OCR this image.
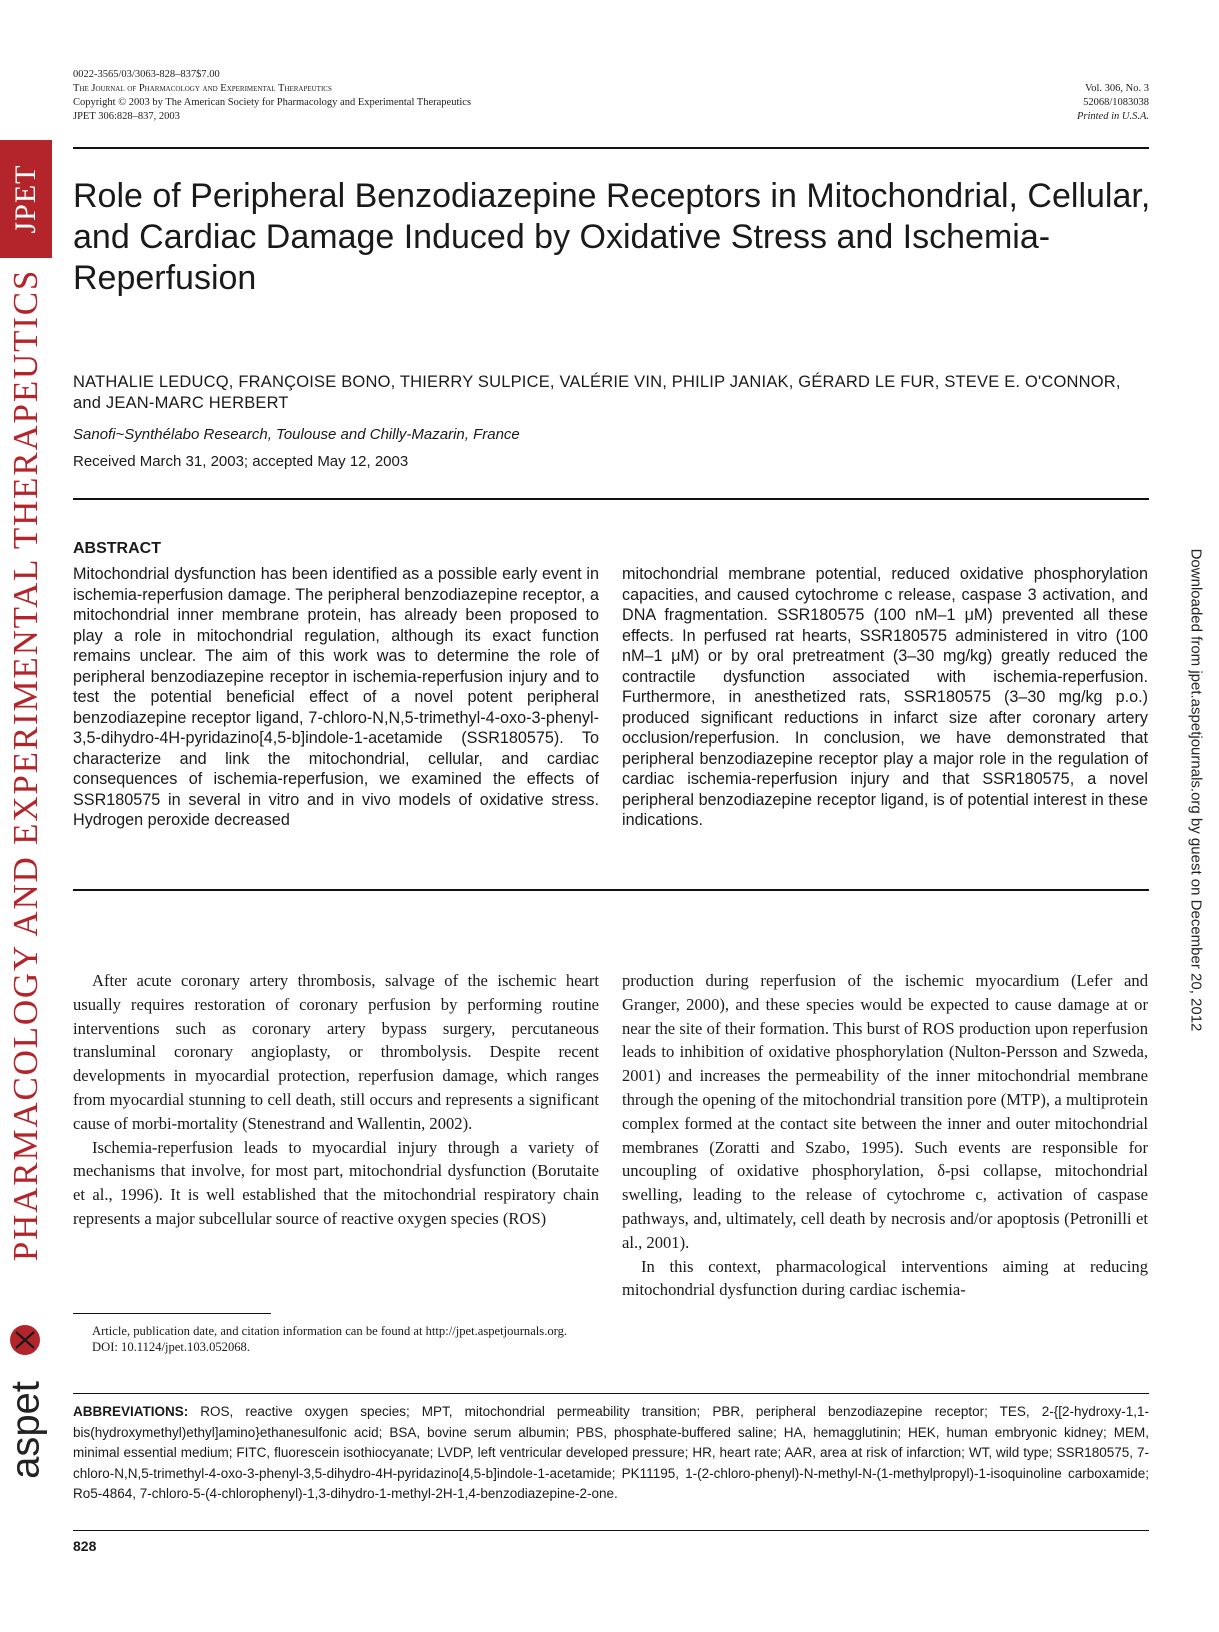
JPET
PHARMACOLOGY AND EXPERIMENTAL THERAPEUTICS
aspet
Downloaded from jpet.aspetjournals.org by guest on December 20, 2012
0022-3565/03/3063-828–837$7.00
The Journal of Pharmacology and Experimental Therapeutics
Copyright © 2003 by The American Society for Pharmacology and Experimental Therapeutics
JPET 306:828–837, 2003
Vol. 306, No. 3
52068/1083038
Printed in U.S.A.
Role of Peripheral Benzodiazepine Receptors in Mitochondrial, Cellular, and Cardiac Damage Induced by Oxidative Stress and Ischemia-Reperfusion
NATHALIE LEDUCQ, FRANÇOISE BONO, THIERRY SULPICE, VALÉRIE VIN, PHILIP JANIAK, GÉRARD LE FUR, STEVE E. O'CONNOR, and JEAN-MARC HERBERT
Sanofi~Synthélabo Research, Toulouse and Chilly-Mazarin, France
Received March 31, 2003; accepted May 12, 2003
ABSTRACT
Mitochondrial dysfunction has been identified as a possible early event in ischemia-reperfusion damage. The peripheral benzodiazepine receptor, a mitochondrial inner membrane protein, has already been proposed to play a role in mitochondrial regulation, although its exact function remains unclear. The aim of this work was to determine the role of peripheral benzodiazepine receptor in ischemia-reperfusion injury and to test the potential beneficial effect of a novel potent peripheral benzodiazepine receptor ligand, 7-chloro-N,N,5-trimethyl-4-oxo-3-phenyl-3,5-dihydro-4H-pyridazino[4,5-b]indole-1-acetamide (SSR180575). To characterize and link the mitochondrial, cellular, and cardiac consequences of ischemia-reperfusion, we examined the effects of SSR180575 in several in vitro and in vivo models of oxidative stress. Hydrogen peroxide decreased
mitochondrial membrane potential, reduced oxidative phosphorylation capacities, and caused cytochrome c release, caspase 3 activation, and DNA fragmentation. SSR180575 (100 nM–1 μM) prevented all these effects. In perfused rat hearts, SSR180575 administered in vitro (100 nM–1 μM) or by oral pretreatment (3–30 mg/kg) greatly reduced the contractile dysfunction associated with ischemia-reperfusion. Furthermore, in anesthetized rats, SSR180575 (3–30 mg/kg p.o.) produced significant reductions in infarct size after coronary artery occlusion/reperfusion. In conclusion, we have demonstrated that peripheral benzodiazepine receptor play a major role in the regulation of cardiac ischemia-reperfusion injury and that SSR180575, a novel peripheral benzodiazepine receptor ligand, is of potential interest in these indications.

After acute coronary artery thrombosis, salvage of the ischemic heart usually requires restoration of coronary perfusion by performing routine interventions such as coronary artery bypass surgery, percutaneous transluminal coronary angioplasty, or thrombolysis. Despite recent developments in myocardial protection, reperfusion damage, which ranges from myocardial stunning to cell death, still occurs and represents a significant cause of morbi-mortality (Stenestrand and Wallentin, 2002).

Ischemia-reperfusion leads to myocardial injury through a variety of mechanisms that involve, for most part, mitochondrial dysfunction (Borutaite et al., 1996). It is well established that the mitochondrial respiratory chain represents a major subcellular source of reactive oxygen species (ROS)

production during reperfusion of the ischemic myocardium (Lefer and Granger, 2000), and these species would be expected to cause damage at or near the site of their formation. This burst of ROS production upon reperfusion leads to inhibition of oxidative phosphorylation (Nulton-Persson and Szweda, 2001) and increases the permeability of the inner mitochondrial membrane through the opening of the mitochondrial transition pore (MTP), a multiprotein complex formed at the contact site between the inner and outer mitochondrial membranes (Zoratti and Szabo, 1995). Such events are responsible for uncoupling of oxidative phosphorylation, δ-psi collapse, mitochondrial swelling, leading to the release of cytochrome c, activation of caspase pathways, and, ultimately, cell death by necrosis and/or apoptosis (Petronilli et al., 2001).

In this context, pharmacological interventions aiming at reducing mitochondrial dysfunction during cardiac ischemia-

Article, publication date, and citation information can be found at http://jpet.aspetjournals.org.

DOI: 10.1124/jpet.103.052068.

ABBREVIATIONS: ROS, reactive oxygen species; MPT, mitochondrial permeability transition; PBR, peripheral benzodiazepine receptor; TES, 2-{[2-hydroxy-1,1-bis(hydroxymethyl)ethyl]amino}ethanesulfonic acid; BSA, bovine serum albumin; PBS, phosphate-buffered saline; HA, hemagglutinin; HEK, human embryonic kidney; MEM, minimal essential medium; FITC, fluorescein isothiocyanate; LVDP, left ventricular developed pressure; HR, heart rate; AAR, area at risk of infarction; WT, wild type; SSR180575, 7-chloro-N,N,5-trimethyl-4-oxo-3-phenyl-3,5-dihydro-4H-pyridazino[4,5-b]indole-1-acetamide; PK11195, 1-(2-chloro-phenyl)-N-methyl-N-(1-methylpropyl)-1-isoquinoline carboxamide; Ro5-4864, 7-chloro-5-(4-chlorophenyl)-1,3-dihydro-1-methyl-2H-1,4-benzodiazepine-2-one.
828
